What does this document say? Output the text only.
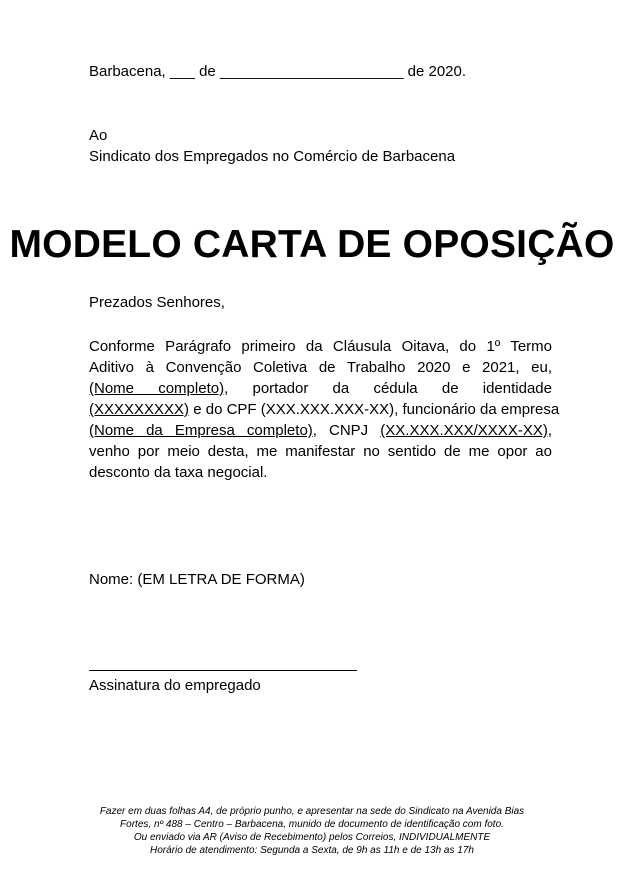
Barbacena, ___ de ______________________ de 2020.
Ao
Sindicato dos Empregados no Comércio de Barbacena
MODELO CARTA DE OPOSIÇÃO
Prezados Senhores,
Conforme Parágrafo primeiro da Cláusula Oitava, do 1º Termo
Aditivo à Convenção Coletiva de Trabalho 2020 e 2021, eu,
(Nome completo), portador da cédula de identidade
(XXXXXXXXX) e do CPF (XXX.XXX.XXX-XX), funcionário da empresa
(Nome da Empresa completo), CNPJ (XX.XXX.XXX/XXXX-XX),
venho por meio desta, me manifestar no sentido de me opor ao
desconto da taxa negocial.
Nome: (EM LETRA DE FORMA)
Assinatura do empregado
Fazer em duas folhas A4, de próprio punho, e apresentar na sede do Sindicato na Avenida Bias
Fortes, nº 488 – Centro – Barbacena, munido de documento de identificação com foto.
Ou enviado via AR (Aviso de Recebimento) pelos Correios, INDIVIDUALMENTE
Horário de atendimento: Segunda a Sexta, de 9h as 11h e de 13h as 17h
